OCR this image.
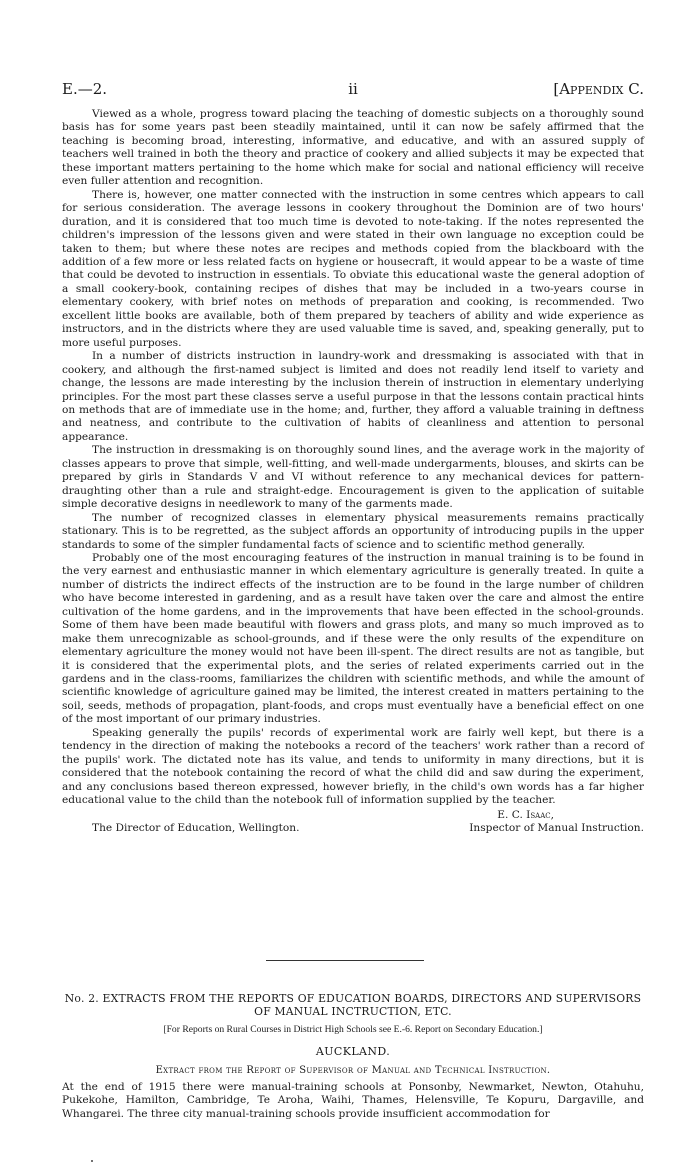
E.—2.	ii	[Appendix C.

Viewed as a whole, progress toward placing the teaching of domestic subjects on a thoroughly sound basis has for some years past been steadily maintained, until it can now be safely affirmed that the teaching is becoming broad, interesting, informative, and educative, and with an assured supply of teachers well trained in both the theory and practice of cookery and allied subjects it may be expected that these important matters pertaining to the home which make for social and national efficiency will receive even fuller attention and recognition.

There is, however, one matter connected with the instruction in some centres which appears to call for serious consideration. The average lessons in cookery throughout the Dominion are of two hours' duration, and it is considered that too much time is devoted to note-taking. If the notes represented the children's impression of the lessons given and were stated in their own language no exception could be taken to them; but where these notes are recipes and methods copied from the blackboard with the addition of a few more or less related facts on hygiene or housecraft, it would appear to be a waste of time that could be devoted to instruction in essentials. To obviate this educational waste the general adoption of a small cookery-book, containing recipes of dishes that may be included in a two-years course in elementary cookery, with brief notes on methods of preparation and cooking, is recommended. Two excellent little books are available, both of them prepared by teachers of ability and wide experience as instructors, and in the districts where they are used valuable time is saved, and, speaking generally, put to more useful purposes.

In a number of districts instruction in laundry-work and dressmaking is associated with that in cookery, and although the first-named subject is limited and does not readily lend itself to variety and change, the lessons are made interesting by the inclusion therein of instruction in elementary underlying principles. For the most part these classes serve a useful purpose in that the lessons contain practical hints on methods that are of immediate use in the home; and, further, they afford a valuable training in deftness and neatness, and contribute to the cultivation of habits of cleanliness and attention to personal appearance.

The instruction in dressmaking is on thoroughly sound lines, and the average work in the majority of classes appears to prove that simple, well-fitting, and well-made undergarments, blouses, and skirts can be prepared by girls in Standards V and VI without reference to any mechanical devices for pattern-draughting other than a rule and straight-edge. Encouragement is given to the application of suitable simple decorative designs in needlework to many of the garments made.

The number of recognized classes in elementary physical measurements remains practically stationary. This is to be regretted, as the subject affords an opportunity of introducing pupils in the upper standards to some of the simpler fundamental facts of science and to scientific method generally.

Probably one of the most encouraging features of the instruction in manual training is to be found in the very earnest and enthusiastic manner in which elementary agriculture is generally treated. In quite a number of districts the indirect effects of the instruction are to be found in the large number of children who have become interested in gardening, and as a result have taken over the care and almost the entire cultivation of the home gardens, and in the improvements that have been effected in the school-grounds. Some of them have been made beautiful with flowers and grass plots, and many so much improved as to make them unrecognizable as school-grounds, and if these were the only results of the expenditure on elementary agriculture the money would not have been ill-spent. The direct results are not as tangible, but it is considered that the experimental plots, and the series of related experiments carried out in the gardens and in the class-rooms, familiarizes the children with scientific methods, and while the amount of scientific knowledge of agriculture gained may be limited, the interest created in matters pertaining to the soil, seeds, methods of propagation, plant-foods, and crops must eventually have a beneficial effect on one of the most important of our primary industries.

Speaking generally the pupils' records of experimental work are fairly well kept, but there is a tendency in the direction of making the notebooks a record of the teachers' work rather than a record of the pupils' work. The dictated note has its value, and tends to uniformity in many directions, but it is considered that the notebook containing the record of what the child did and saw during the experiment, and any conclusions based thereon expressed, however briefly, in the child's own words has a far higher educational value to the child than the notebook full of information supplied by the teacher.

E. C. Isaac,
The Director of Education, Wellington.	Inspector of Manual Instruction.
No. 2. EXTRACTS FROM THE REPORTS OF EDUCATION BOARDS, DIRECTORS AND SUPERVISORS OF MANUAL INCTRUCTION, ETC.
[For Reports on Rural Courses in District High Schools see E.-6. Report on Secondary Education.]
AUCKLAND.
Extract from the Report of Supervisor of Manual and Technical Instruction.
At the end of 1915 there were manual-training schools at Ponsonby, Newmarket, Newton, Otahuhu, Pukekohe, Hamilton, Cambridge, Te Aroha, Waihi, Thames, Helensville, Te Kopuru, Dargaville, and Whangarei. The three city manual-training schools provide insufficient accommodation for
